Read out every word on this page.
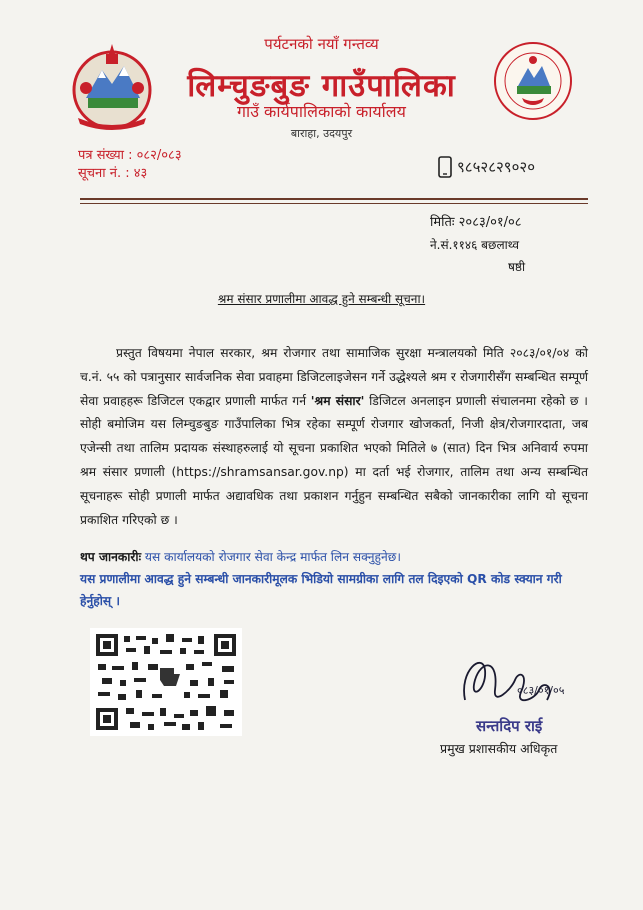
पर्यटनको नयाँ गन्तव्य
लिम्चुङबुङ गाउँपालिका
गाउँ कार्यपालिकाको कार्यालय
बाराहा, उदयपुर
पत्र संख्या : ०८२/०८३
सूचना नं. : ४३	९८५२८२९०२०
मितिः २०८३/०१/०८
ने.सं.११४६ बछलाथ्व
षष्ठी
श्रम संसार प्रणालीमा आवद्ध हुने सम्बन्धी सूचना।
प्रस्तुत विषयमा नेपाल सरकार, श्रम रोजगार तथा सामाजिक सुरक्षा मन्त्रालयको मिति २०८३/०१/०४ को च.नं. ५५ को पत्रानुसार सार्वजनिक सेवा प्रवाहमा डिजिटलाइजेसन गर्ने उद्धेश्यले श्रम र रोजगारीसँग सम्बन्धित सम्पूर्ण सेवा प्रवाहहरू डिजिटल एकद्वार प्रणाली मार्फत गर्न 'श्रम संसार' डिजिटल अनलाइन प्रणाली संचालनमा रहेको छ । सोही बमोजिम यस लिम्चुङबुङ गाउँपालिका भित्र रहेका सम्पूर्ण रोजगार खोजकर्ता, निजी क्षेत्र/रोजगारदाता, जब एजेन्सी तथा तालिम प्रदायक संस्थाहरुलाई यो सूचना प्रकाशित भएको मितिले ७ (सात) दिन भित्र अनिवार्य रुपमा श्रम संसार प्रणाली (https://shramsansar.gov.np) मा दर्ता भई रोजगार, तालिम तथा अन्य सम्बन्धित सूचनाहरू सोही प्रणाली मार्फत अद्यावधिक तथा प्रकाशन गर्नुहुन सम्बन्धित सबैको जानकारीका लागि यो सूचना प्रकाशित गरिएको छ ।
थप जानकारीः यस कार्यालयको रोजगार सेवा केन्द्र मार्फत लिन सक्नुहुनेछ।
यस प्रणालीमा आवद्ध हुने सम्बन्धी जानकारीमूलक भिडियो सामग्रीका लागि तल दिइएको QR कोड स्क्यान गरी हेर्नुहोस् ।
०८३/०१/०५
सन्तदिप राई
प्रमुख प्रशासकीय अधिकृत
